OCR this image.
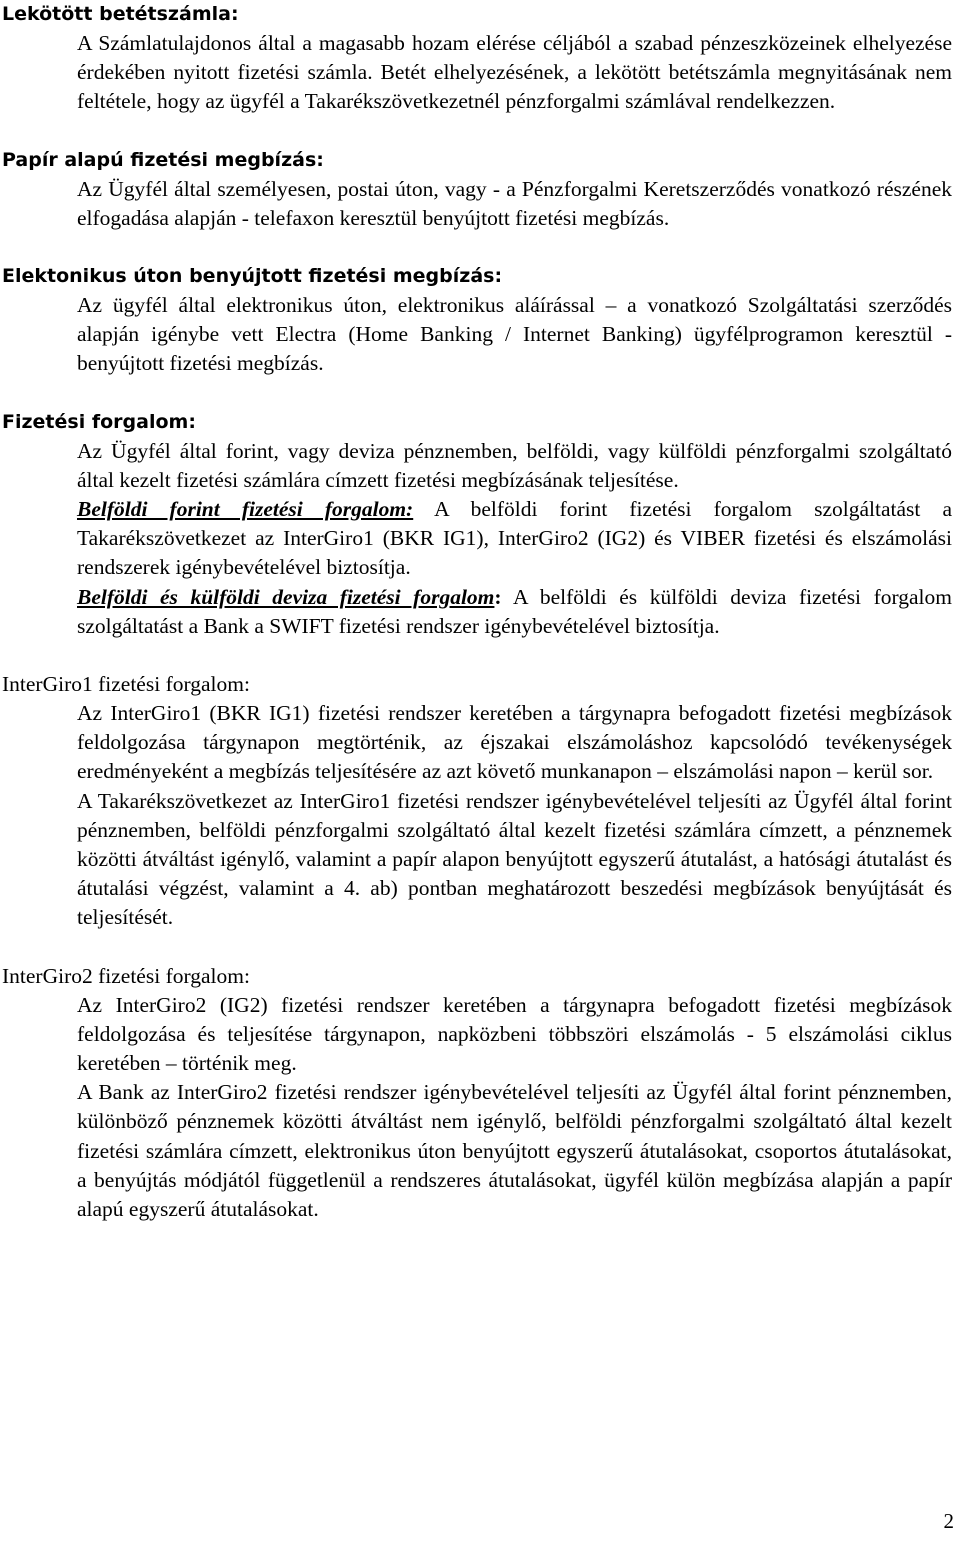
Lekötött betétszámla:

A Számlatulajdonos által a magasabb hozam elérése céljából a szabad pénzeszközeinek elhelyezése érdekében nyitott fizetési számla. Betét elhelyezésének, a lekötött betétszámla megnyitásának nem feltétele, hogy az ügyfél a Takarékszövetkezetnél pénzforgalmi számlával rendelkezzen.

Papír alapú fizetési megbízás:

Az Ügyfél által személyesen, postai úton, vagy - a Pénzforgalmi Keretszerződés vonatkozó részének elfogadása alapján - telefaxon keresztül benyújtott fizetési megbízás.

Elektonikus úton benyújtott fizetési megbízás:

Az ügyfél által elektronikus úton, elektronikus aláírással – a vonatkozó Szolgáltatási szerződés alapján igénybe vett Electra (Home Banking / Internet Banking) ügyfélprogramon keresztül - benyújtott fizetési megbízás.

Fizetési forgalom:

Az Ügyfél által forint, vagy deviza pénznemben, belföldi, vagy külföldi pénzforgalmi szolgáltató által kezelt fizetési számlára címzett fizetési megbízásának teljesítése.

Belföldi forint fizetési forgalom: A belföldi forint fizetési forgalom szolgáltatást a Takarékszövetkezet az InterGiro1 (BKR IG1), InterGiro2 (IG2) és VIBER fizetési és elszámolási rendszerek igénybevételével biztosítja.

Belföldi és külföldi deviza fizetési forgalom: A belföldi és külföldi deviza fizetési forgalom szolgáltatást a Bank a SWIFT fizetési rendszer igénybevételével biztosítja.

InterGiro1 fizetési forgalom:

Az InterGiro1 (BKR IG1) fizetési rendszer keretében a tárgynapra befogadott fizetési megbízások feldolgozása tárgynapon megtörténik, az éjszakai elszámoláshoz kapcsolódó tevékenységek eredményeként a megbízás teljesítésére az azt követő munkanapon – elszámolási napon – kerül sor.

A Takarékszövetkezet az InterGiro1 fizetési rendszer igénybevételével teljesíti az Ügyfél által forint pénznemben, belföldi pénzforgalmi szolgáltató által kezelt fizetési számlára címzett, a pénznemek közötti átváltást igénylő, valamint a papír alapon benyújtott egyszerű átutalást, a hatósági átutalást és átutalási végzést, valamint a 4. ab) pontban meghatározott beszedési megbízások benyújtását és teljesítését.

InterGiro2 fizetési forgalom:

Az InterGiro2 (IG2) fizetési rendszer keretében a tárgynapra befogadott fizetési megbízások feldolgozása és teljesítése tárgynapon, napközbeni többszöri elszámolás - 5 elszámolási ciklus keretében – történik meg.

A Bank az InterGiro2 fizetési rendszer igénybevételével teljesíti az Ügyfél által forint pénznemben, különböző pénznemek közötti átváltást nem igénylő, belföldi pénzforgalmi szolgáltató által kezelt fizetési számlára címzett, elektronikus úton benyújtott egyszerű átutalásokat, csoportos átutalásokat, a benyújtás módjától függetlenül a rendszeres átutalásokat, ügyfél külön megbízása alapján a papír alapú egyszerű átutalásokat.

2
